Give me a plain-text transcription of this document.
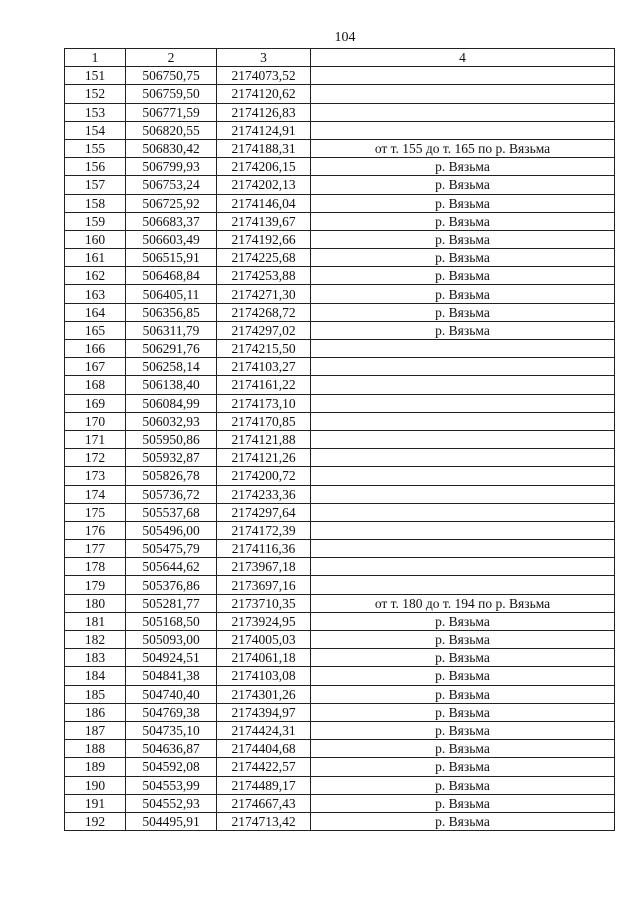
104
1	2	3	4
151	506750,75	2174073,52	
152	506759,50	2174120,62	
153	506771,59	2174126,83	
154	506820,55	2174124,91	
155	506830,42	2174188,31	от т. 155 до т. 165 по р. Вязьма
156	506799,93	2174206,15	р. Вязьма
157	506753,24	2174202,13	р. Вязьма
158	506725,92	2174146,04	р. Вязьма
159	506683,37	2174139,67	р. Вязьма
160	506603,49	2174192,66	р. Вязьма
161	506515,91	2174225,68	р. Вязьма
162	506468,84	2174253,88	р. Вязьма
163	506405,11	2174271,30	р. Вязьма
164	506356,85	2174268,72	р. Вязьма
165	506311,79	2174297,02	р. Вязьма
166	506291,76	2174215,50	
167	506258,14	2174103,27	
168	506138,40	2174161,22	
169	506084,99	2174173,10	
170	506032,93	2174170,85	
171	505950,86	2174121,88	
172	505932,87	2174121,26	
173	505826,78	2174200,72	
174	505736,72	2174233,36	
175	505537,68	2174297,64	
176	505496,00	2174172,39	
177	505475,79	2174116,36	
178	505644,62	2173967,18	
179	505376,86	2173697,16	
180	505281,77	2173710,35	от т. 180 до т. 194 по р. Вязьма
181	505168,50	2173924,95	р. Вязьма
182	505093,00	2174005,03	р. Вязьма
183	504924,51	2174061,18	р. Вязьма
184	504841,38	2174103,08	р. Вязьма
185	504740,40	2174301,26	р. Вязьма
186	504769,38	2174394,97	р. Вязьма
187	504735,10	2174424,31	р. Вязьма
188	504636,87	2174404,68	р. Вязьма
189	504592,08	2174422,57	р. Вязьма
190	504553,99	2174489,17	р. Вязьма
191	504552,93	2174667,43	р. Вязьма
192	504495,91	2174713,42	р. Вязьма
